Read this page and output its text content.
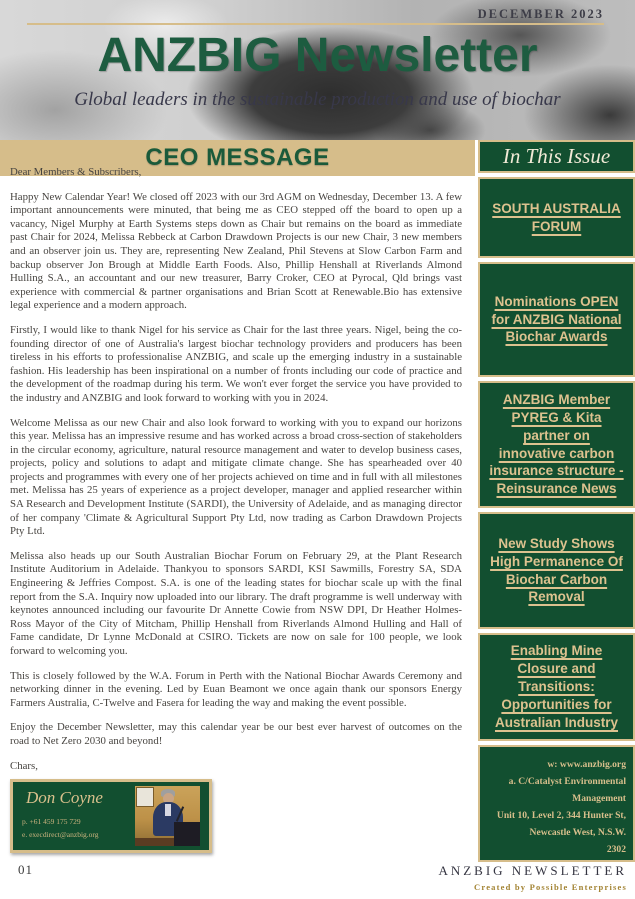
DECEMBER 2023
ANZBIG Newsletter
Global leaders in the sustainable production and use of biochar
CEO MESSAGE

Dear Members & Subscribers,

Happy New Calendar Year! We closed off 2023 with our 3rd AGM on Wednesday, December 13. A few important announcements were minuted, that being me as CEO stepped off the board to open up a vacancy, Nigel Murphy at Earth Systems steps down as Chair but remains on the board as immediate past Chair for 2024, Melissa Rebbeck at Carbon Drawdown Projects is our new Chair, 3 new members and an observer join us. They are, representing New Zealand, Phil Stevens at Slow Carbon Farm and backup observer Jon Brough at Middle Earth Foods. Also, Phillip Henshall at Riverlands Almond Hulling S.A., an accountant and our new treasurer, Barry Croker, CEO at Pyrocal, Qld brings vast experience with commercial & partner organisations and Brian Scott at Renewable.Bio has extensive legal experience and a modern approach.

Firstly, I would like to thank Nigel for his service as Chair for the last three years. Nigel, being the co-founding director of one of Australia's largest biochar technology providers and producers has been tireless in his efforts to professionalise ANZBIG, and scale up the emerging industry in a sustainable fashion. His leadership has been inspirational on a number of fronts including our code of practice and the development of the roadmap during his term. We won't ever forget the service you have provided to the industry and ANZBIG and look forward to working with you in 2024.

Welcome Melissa as our new Chair and also look forward to working with you to expand our horizons this year. Melissa has an impressive resume and has worked across a broad cross-section of stakeholders in the circular economy, agriculture, natural resource management and water to develop business cases, projects, policy and solutions to adapt and mitigate climate change. She has spearheaded over 40 projects and programmes with every one of her projects achieved on time and in full with all milestones met. Melissa has 25 years of experience as a project developer, manager and applied researcher within SA Research and Development Institute (SARDI), the University of Adelaide, and as managing director of her company 'Climate & Agricultural Support Pty Ltd, now trading as Carbon Drawdown Projects Pty Ltd.

Melissa also heads up our South Australian Biochar Forum on February 29, at the Plant Research Institute Auditorium in Adelaide. Thankyou to sponsors SARDI, KSI Sawmills, Forestry SA, SDA Engineering & Jeffries Compost. S.A. is one of the leading states for biochar scale up with the final report from the S.A. Inquiry now uploaded into our library. The draft programme is well underway with keynotes announced including our favourite Dr Annette Cowie from NSW DPI, Dr Heather Holmes-Ross Mayor of the City of Mitcham, Phillip Henshall from Riverlands Almond Hulling and Hall of Fame candidate, Dr Lynne McDonald at CSIRO. Tickets are now on sale for 100 people, we look forward to welcoming you.

This is closely followed by the W.A. Forum in Perth with the National Biochar Awards Ceremony and networking dinner in the evening. Led by Euan Beamont we once again thank our sponsors Energy Farmers Australia, C-Twelve and Fasera for leading the way and making the event possible.

Enjoy the December Newsletter, may this calendar year be our best ever harvest of outcomes on the road to Net Zero 2030 and beyond!

Chars,

Don Coyne
p. +61 459 175 729
e. execdirect@anzbig.org
01
In This Issue
SOUTH AUSTRALIA FORUM
Nominations OPEN for ANZBIG National Biochar Awards
ANZBIG Member PYREG & Kita partner on innovative carbon insurance structure - Reinsurance News
New Study Shows High Permanence Of Biochar Carbon Removal
Enabling Mine Closure and Transitions: Opportunities for Australian Industry
w: www.anzbig.org
a. C/Catalyst Environmental
Management
Unit 10, Level 2, 344 Hunter St,
Newcastle West, N.S.W.
2302
ANZBIG NEWSLETTER
Created by Possible Enterprises
